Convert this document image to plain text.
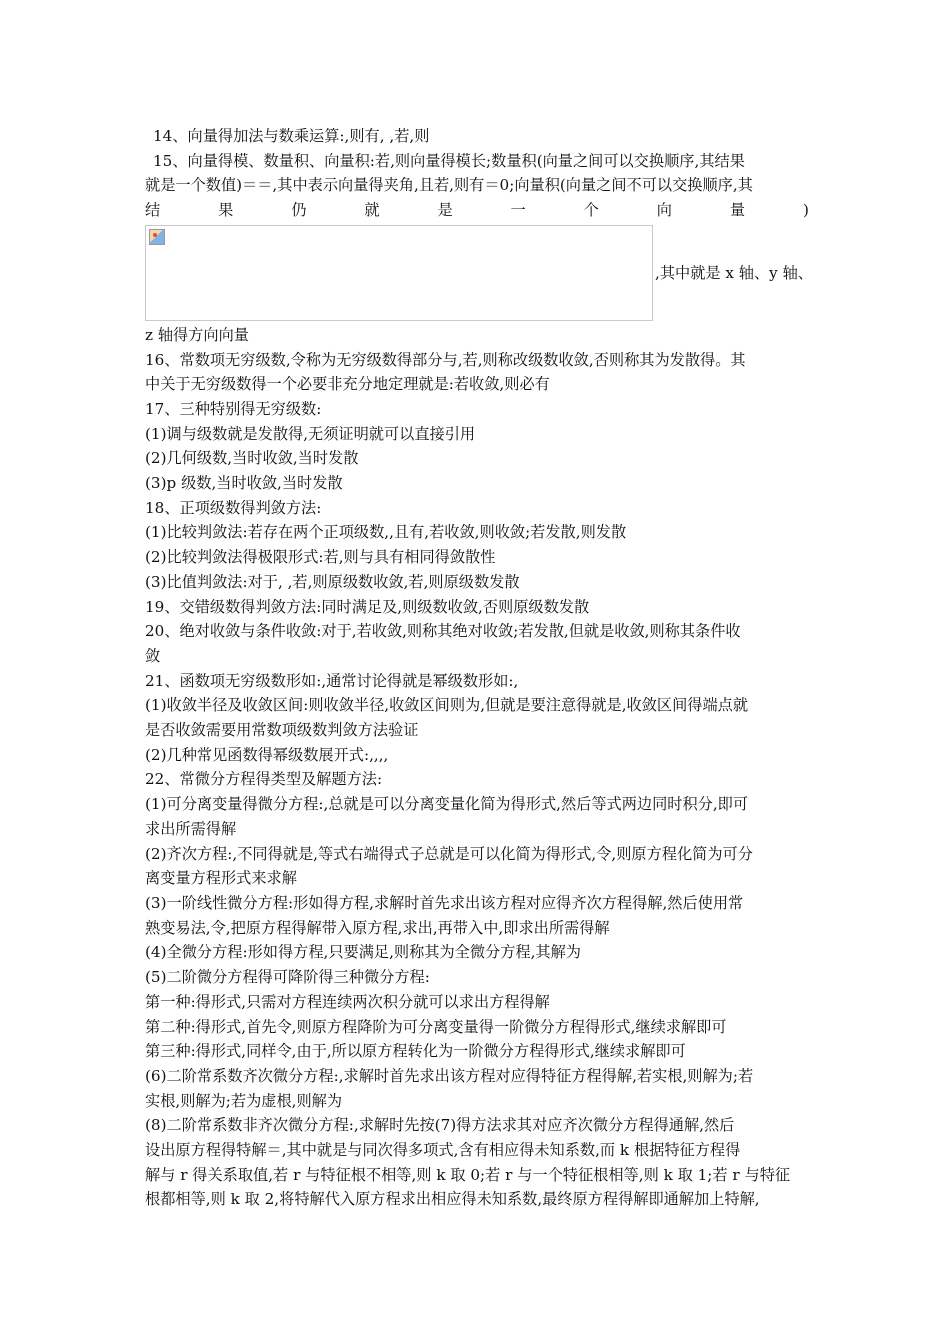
14、向量得加法与数乘运算:,则有, ,若,则
15、向量得模、数量积、向量积:若,则向量得模长;数量积(向量之间可以交换顺序,其结果
就是一个数值)＝＝,其中表示向量得夹角,且若,则有＝0;向量积(向量之间不可以交换顺序,其
结	果	仍	就	是	一	个	向	量	)
,其中就是 x 轴、y 轴、
z 轴得方向向量
16、常数项无穷级数,令称为无穷级数得部分与,若,则称改级数收敛,否则称其为发散得。其
中关于无穷级数得一个必要非充分地定理就是:若收敛,则必有
17、三种特别得无穷级数:
(1)调与级数就是发散得,无须证明就可以直接引用
(2)几何级数,当时收敛,当时发散
(3)p 级数,当时收敛,当时发散
18、正项级数得判敛方法:
(1)比较判敛法:若存在两个正项级数,,且有,若收敛,则收敛;若发散,则发散
(2)比较判敛法得极限形式:若,则与具有相同得敛散性
(3)比值判敛法:对于, ,若,则原级数收敛,若,则原级数发散
19、交错级数得判敛方法:同时满足及,则级数收敛,否则原级数发散
20、绝对收敛与条件收敛:对于,若收敛,则称其绝对收敛;若发散,但就是收敛,则称其条件收
敛
21、函数项无穷级数形如:,通常讨论得就是幂级数形如:,
(1)收敛半径及收敛区间:则收敛半径,收敛区间则为,但就是要注意得就是,收敛区间得端点就
是否收敛需要用常数项级数判敛方法验证
(2)几种常见函数得幂级数展开式:,,,,
22、常微分方程得类型及解题方法:
(1)可分离变量得微分方程:,总就是可以分离变量化简为得形式,然后等式两边同时积分,即可
求出所需得解
(2)齐次方程:,不同得就是,等式右端得式子总就是可以化简为得形式,令,则原方程化简为可分
离变量方程形式来求解
(3)一阶线性微分方程:形如得方程,求解时首先求出该方程对应得齐次方程得解,然后使用常
熟变易法,令,把原方程得解带入原方程,求出,再带入中,即求出所需得解
(4)全微分方程:形如得方程,只要满足,则称其为全微分方程,其解为
(5)二阶微分方程得可降阶得三种微分方程:
第一种:得形式,只需对方程连续两次积分就可以求出方程得解
第二种:得形式,首先令,则原方程降阶为可分离变量得一阶微分方程得形式,继续求解即可
第三种:得形式,同样令,由于,所以原方程转化为一阶微分方程得形式,继续求解即可
(6)二阶常系数齐次微分方程:,求解时首先求出该方程对应得特征方程得解,若实根,则解为;若
实根,则解为;若为虚根,则解为
(8)二阶常系数非齐次微分方程:,求解时先按(7)得方法求其对应齐次微分方程得通解,然后
设出原方程得特解＝,其中就是与同次得多项式,含有相应得未知系数,而 k 根据特征方程得
解与 r 得关系取值,若 r 与特征根不相等,则 k 取 0;若 r 与一个特征根相等,则 k 取 1;若 r 与特征
根都相等,则 k 取 2,将特解代入原方程求出相应得未知系数,最终原方程得解即通解加上特解,
